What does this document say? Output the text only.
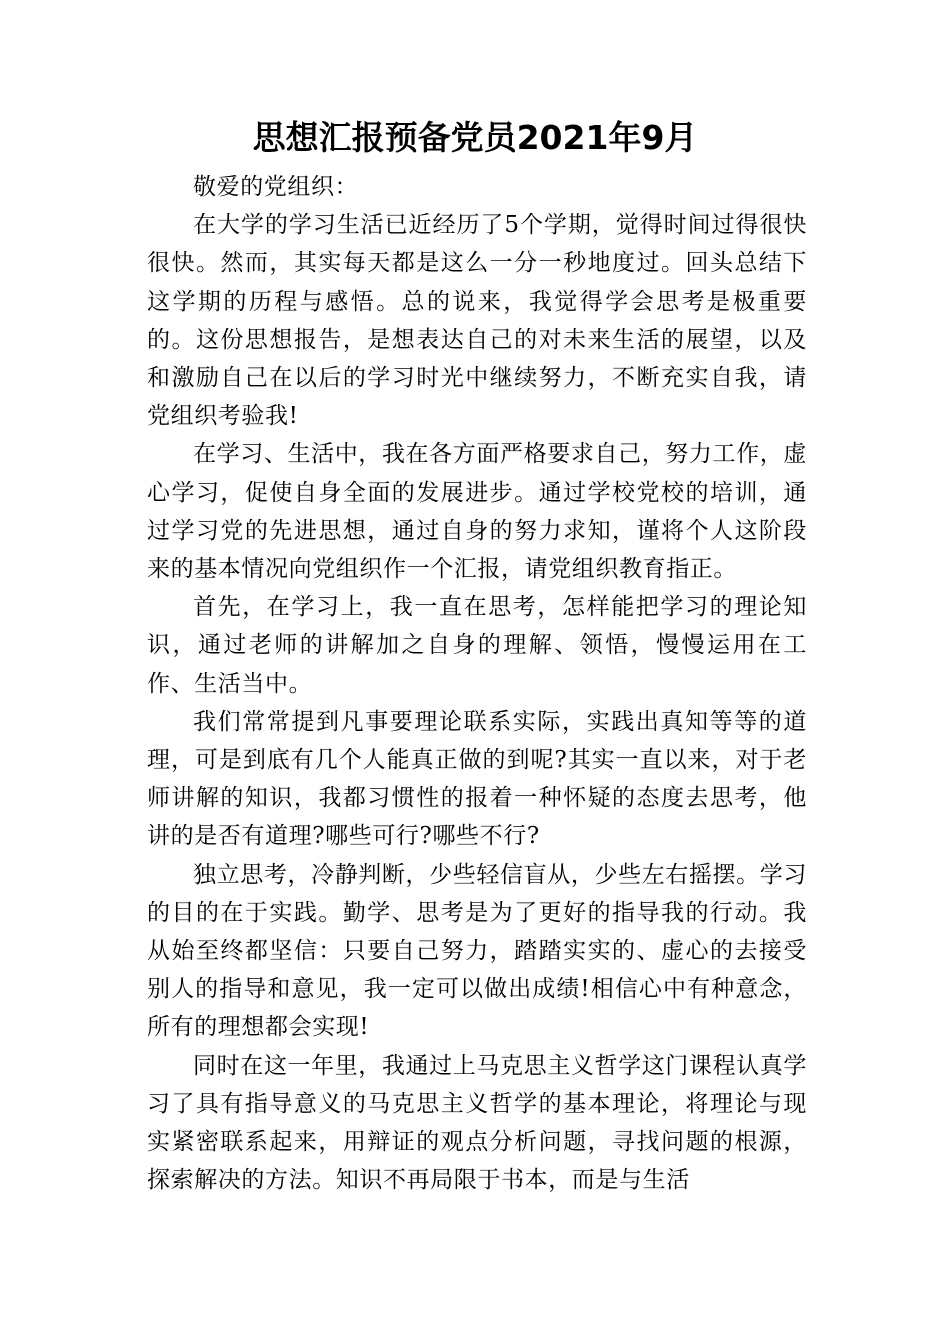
思想汇报预备党员2021年9月

敬爱的党组织：

在大学的学习生活已近经历了5个学期，觉得时间过得很快很快。然而，其实每天都是这么一分一秒地度过。回头总结下这学期的历程与感悟。总的说来，我觉得学会思考是极重要的。这份思想报告，是想表达自己的对未来生活的展望，以及和激励自己在以后的学习时光中继续努力，不断充实自我，请党组织考验我!

在学习、生活中，我在各方面严格要求自己，努力工作，虚心学习，促使自身全面的发展进步。通过学校党校的培训，通过学习党的先进思想，通过自身的努力求知，谨将个人这阶段来的基本情况向党组织作一个汇报，请党组织教育指正。

首先，在学习上，我一直在思考，怎样能把学习的理论知识，通过老师的讲解加之自身的理解、领悟，慢慢运用在工作、生活当中。

我们常常提到凡事要理论联系实际，实践出真知等等的道理，可是到底有几个人能真正做的到呢?其实一直以来，对于老师讲解的知识，我都习惯性的报着一种怀疑的态度去思考，他讲的是否有道理?哪些可行?哪些不行?

独立思考，冷静判断，少些轻信盲从，少些左右摇摆。学习的目的在于实践。勤学、思考是为了更好的指导我的行动。我从始至终都坚信：只要自己努力，踏踏实实的、虚心的去接受别人的指导和意见，我一定可以做出成绩!相信心中有种意念，所有的理想都会实现!

同时在这一年里，我通过上马克思主义哲学这门课程认真学习了具有指导意义的马克思主义哲学的基本理论，将理论与现实紧密联系起来，用辩证的观点分析问题，寻找问题的根源，探索解决的方法。知识不再局限于书本，而是与生活
